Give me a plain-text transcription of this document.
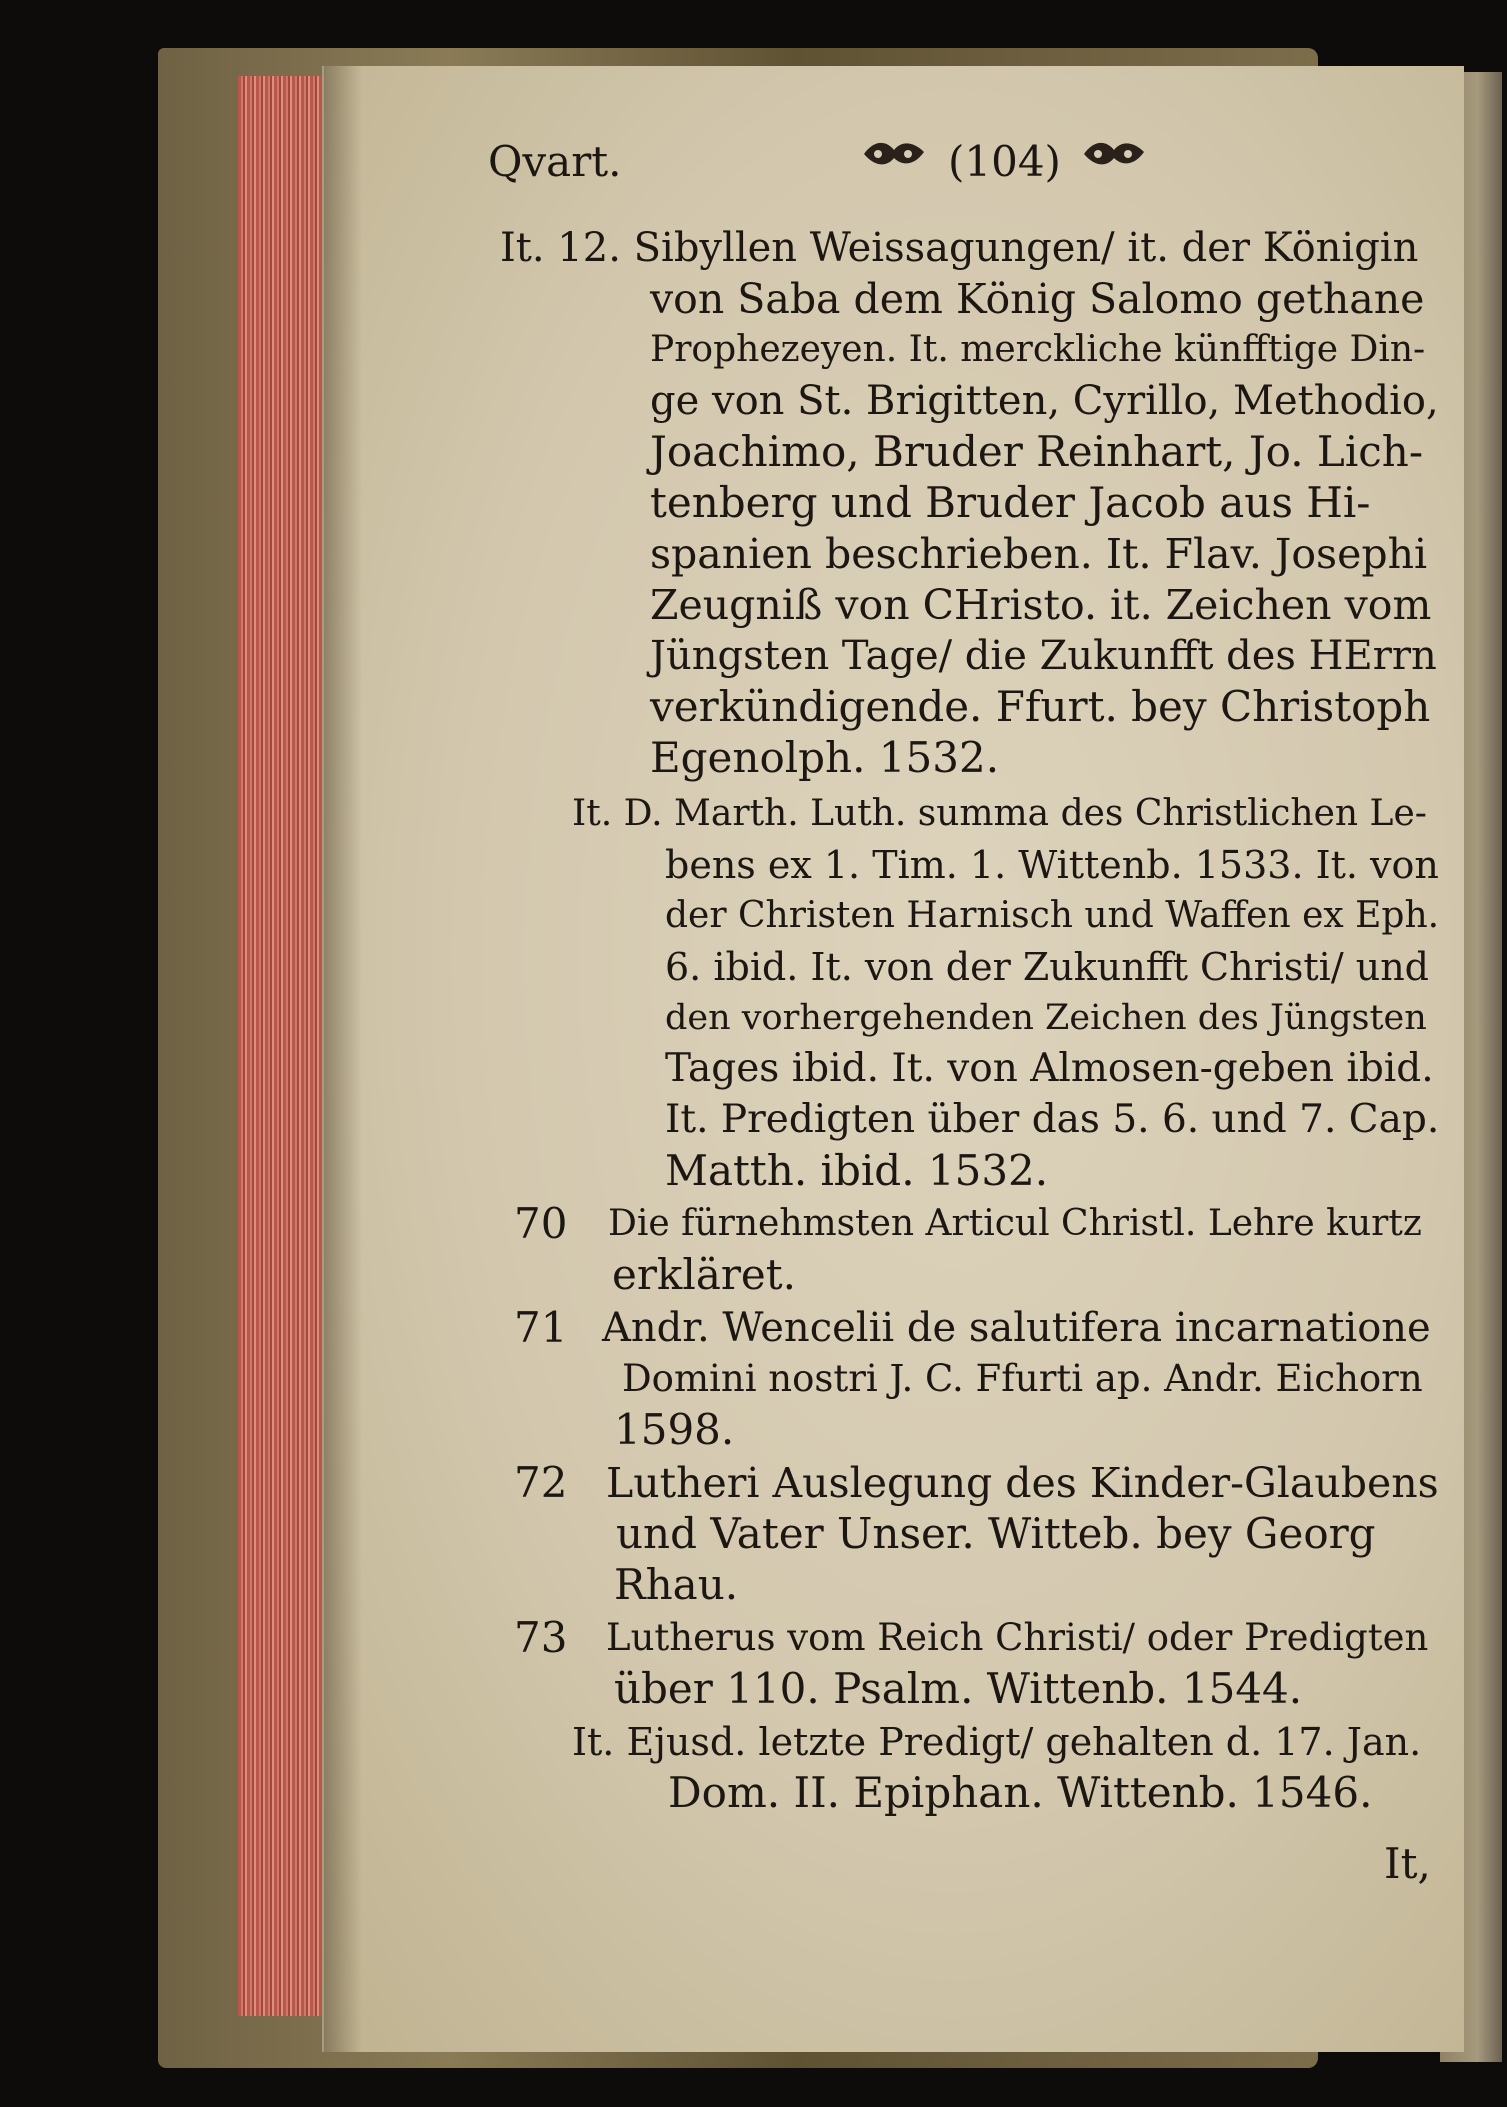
Qvart.	(104)
It. 12. Sibyllen Weissagungen/ it. der Königin
von Saba dem König Salomo gethane
Prophezeyen. It. merckliche künfftige Din-
ge von St. Brigitten, Cyrillo, Methodio,
Joachimo, Bruder Reinhart, Jo. Lich-
tenberg und Bruder Jacob aus Hi-
spanien beschrieben. It. Flav. Josephi
Zeugniß von CHristo. it. Zeichen vom
Jüngsten Tage/ die Zukunfft des HErrn
verkündigende. Ffurt. bey Christoph
Egenolph. 1532.
It. D. Marth. Luth. summa des Christlichen Le-
bens ex 1. Tim. 1. Wittenb. 1533. It. von
der Christen Harnisch und Waffen ex Eph.
6. ibid. It. von der Zukunfft Christi/ und
den vorhergehenden Zeichen des Jüngsten
Tages ibid. It. von Almosen-geben ibid.
It. Predigten über das 5. 6. und 7. Cap.
Matth. ibid. 1532.
70 Die fürnehmsten Articul Christl. Lehre kurtz
erkläret.
71 Andr. Wencelii de salutifera incarnatione
Domini nostri J. C. Ffurti ap. Andr. Eichorn
1598.
72 Lutheri Auslegung des Kinder-Glaubens
und Vater Unser. Witteb. bey Georg
Rhau.
73 Lutherus vom Reich Christi/ oder Predigten
über 110. Psalm. Wittenb. 1544.
It. Ejusd. letzte Predigt/ gehalten d. 17. Jan.
Dom. II. Epiphan. Wittenb. 1546.
It,
